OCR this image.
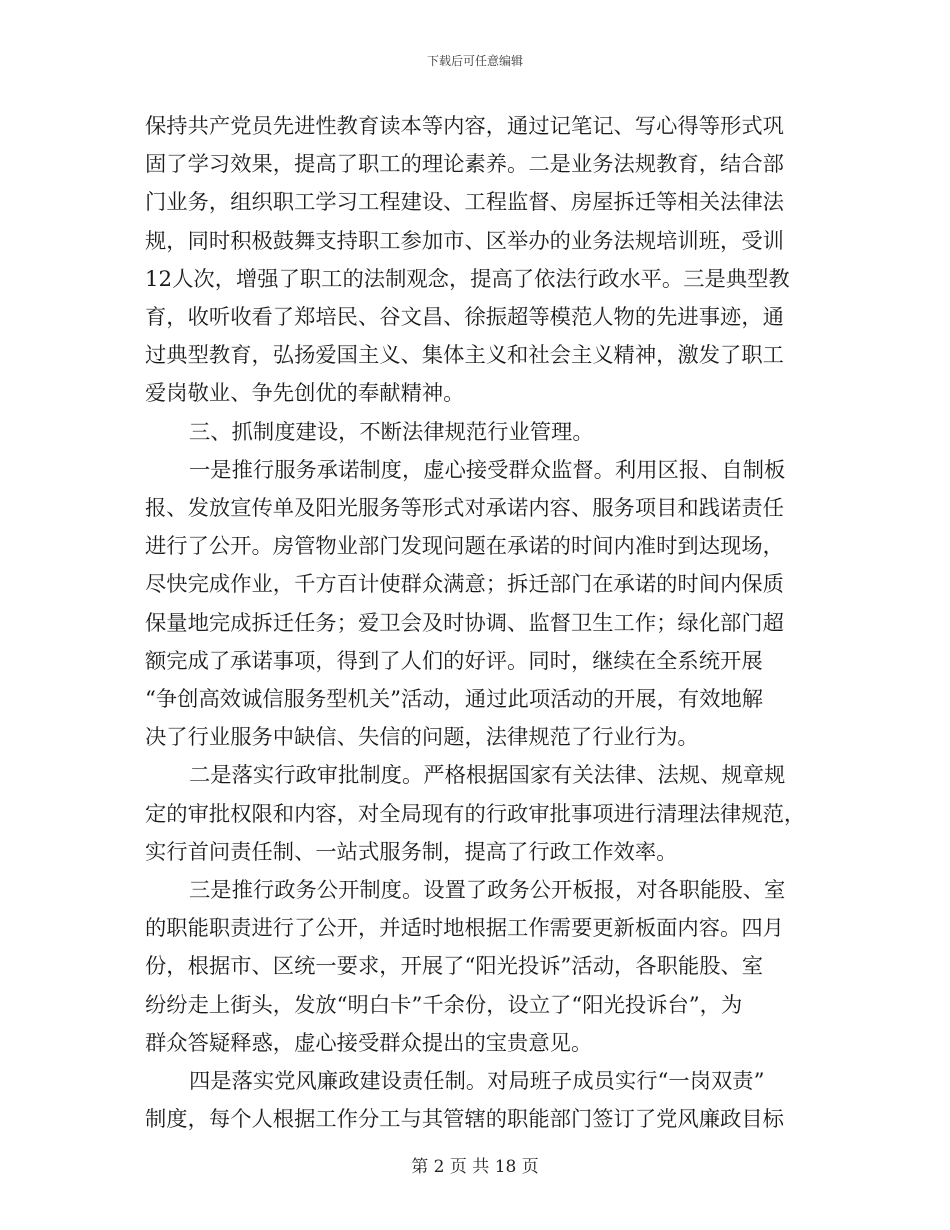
下载后可任意编辑
保持共产党员先进性教育读本等内容，通过记笔记、写心得等形式巩
固了学习效果，提高了职工的理论素养。二是业务法规教育，结合部
门业务，组织职工学习工程建设、工程监督、房屋拆迁等相关法律法
规，同时积极鼓舞支持职工参加市、区举办的业务法规培训班，受训
12人次，增强了职工的法制观念，提高了依法行政水平。三是典型教
育，收听收看了郑培民、谷文昌、徐振超等模范人物的先进事迹，通
过典型教育，弘扬爱国主义、集体主义和社会主义精神，激发了职工
爱岗敬业、争先创优的奉献精神。
三、抓制度建设，不断法律规范行业管理。
一是推行服务承诺制度，虚心接受群众监督。利用区报、自制板
报、发放宣传单及阳光服务等形式对承诺内容、服务项目和践诺责任
进行了公开。房管物业部门发现问题在承诺的时间内准时到达现场，
尽快完成作业，千方百计使群众满意；拆迁部门在承诺的时间内保质
保量地完成拆迁任务；爱卫会及时协调、监督卫生工作；绿化部门超
额完成了承诺事项，得到了人们的好评。同时，继续在全系统开展
“争创高效诚信服务型机关”活动，通过此项活动的开展，有效地解
决了行业服务中缺信、失信的问题，法律规范了行业行为。
二是落实行政审批制度。严格根据国家有关法律、法规、规章规
定的审批权限和内容，对全局现有的行政审批事项进行清理法律规范，
实行首问责任制、一站式服务制，提高了行政工作效率。
三是推行政务公开制度。设置了政务公开板报，对各职能股、室
的职能职责进行了公开，并适时地根据工作需要更新板面内容。四月
份，根据市、区统一要求，开展了“阳光投诉”活动，各职能股、室
纷纷走上街头，发放“明白卡”千余份，设立了“阳光投诉台”，为
群众答疑释惑，虚心接受群众提出的宝贵意见。
四是落实党风廉政建设责任制。对局班子成员实行“一岗双责”
制度，每个人根据工作分工与其管辖的职能部门签订了党风廉政目标
第 2 页 共 18 页
